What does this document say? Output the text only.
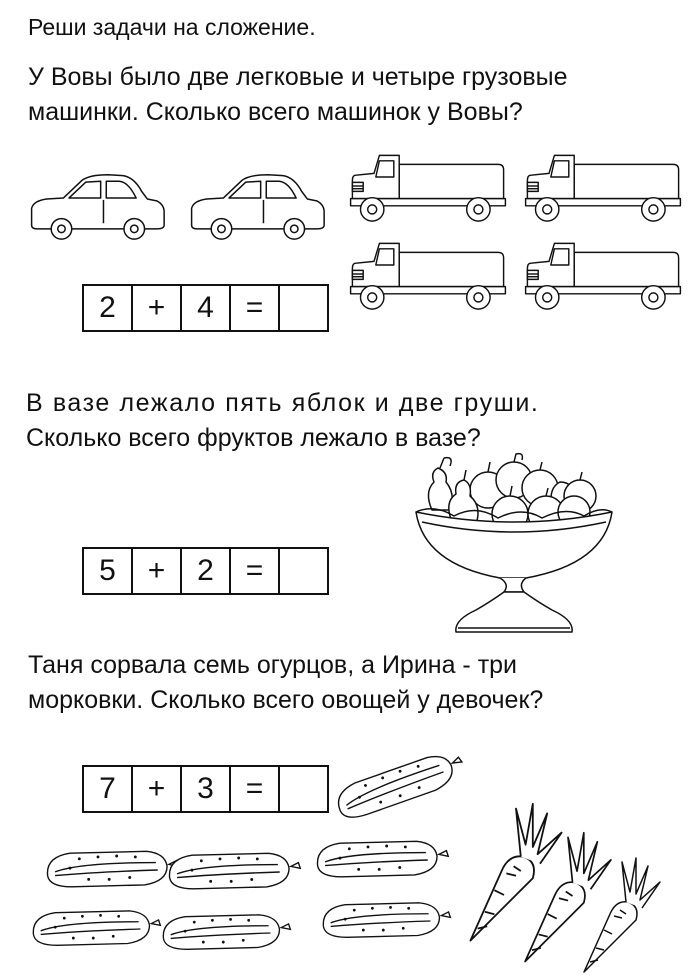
Реши задачи на сложение.
У Вовы было две легковые и четыре грузовые
машинки. Сколько всего машинок у Вовы?
2	+	4	=
В вазе лежало пять яблок и две груши.
Сколько всего фруктов лежало в вазе?
5	+	2	=
Таня сорвала семь огурцов, а Ирина - три
морковки. Сколько всего овощей у девочек?
7	+	3	=
